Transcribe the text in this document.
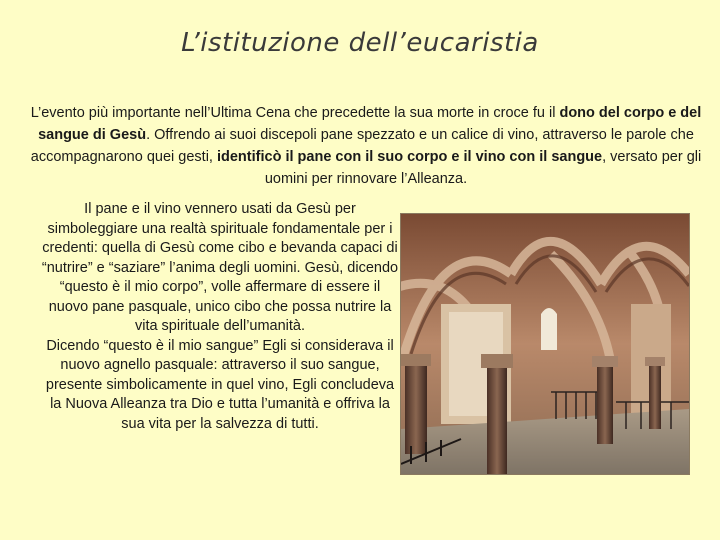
L’istituzione dell’eucaristia
L’evento più importante nell’Ultima Cena che precedette la sua morte in croce fu il dono del corpo e del sangue di Gesù. Offrendo ai suoi discepoli pane spezzato e un calice di vino, attraverso le parole che accompagnarono quei gesti, identificò il pane con il suo corpo e il vino con il sangue, versato per gli uomini per rinnovare l’Alleanza.
Il pane e il vino vennero usati da Gesù per simboleggiare una realtà spirituale fondamentale per i credenti: quella di Gesù come cibo e bevanda capaci di “nutrire” e “saziare” l’anima degli uomini. Gesù, dicendo “questo è il mio corpo”, volle affermare di essere il nuovo pane pasquale, unico cibo che possa nutrire la vita spirituale dell’umanità.
Dicendo “questo è il mio sangue” Egli si considerava il nuovo agnello pasquale: attraverso il suo sangue, presente simbolicamente in quel vino, Egli concludeva la Nuova Alleanza tra Dio e tutta l’umanità e offriva la sua vita per la salvezza di tutti.
